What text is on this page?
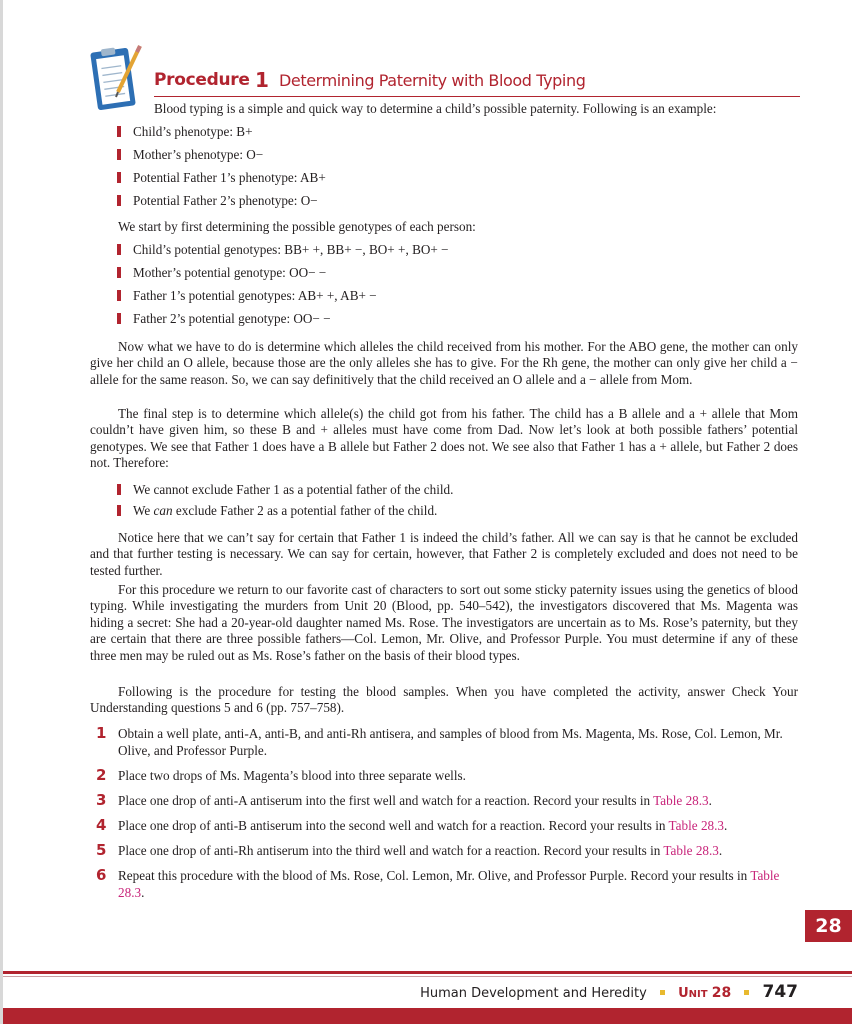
Procedure 1 Determining Paternity with Blood Typing
Blood typing is a simple and quick way to determine a child’s possible paternity. Following is an example:
Child’s phenotype: B+
Mother’s phenotype: O−
Potential Father 1’s phenotype: AB+
Potential Father 2’s phenotype: O−
We start by first determining the possible genotypes of each person:
Child’s potential genotypes: BB+ +, BB+ −, BO+ +, BO+ −
Mother’s potential genotype: OO− −
Father 1’s potential genotypes: AB+ +, AB+ −
Father 2’s potential genotype: OO− −
Now what we have to do is determine which alleles the child received from his mother. For the ABO gene, the mother can only give her child an O allele, because those are the only alleles she has to give. For the Rh gene, the mother can only give her child a − allele for the same reason. So, we can say definitively that the child received an O allele and a − allele from Mom.
The final step is to determine which allele(s) the child got from his father. The child has a B allele and a + allele that Mom couldn’t have given him, so these B and + alleles must have come from Dad. Now let’s look at both possible fathers’ potential genotypes. We see that Father 1 does have a B allele but Father 2 does not. We see also that Father 1 has a + allele, but Father 2 does not. Therefore:
We cannot exclude Father 1 as a potential father of the child.
We can exclude Father 2 as a potential father of the child.
Notice here that we can’t say for certain that Father 1 is indeed the child’s father. All we can say is that he cannot be excluded and that further testing is necessary. We can say for certain, however, that Father 2 is completely excluded and does not need to be tested further.
For this procedure we return to our favorite cast of characters to sort out some sticky paternity issues using the genetics of blood typing. While investigating the murders from Unit 20 (Blood, pp. 540–542), the investigators discovered that Ms. Magenta was hiding a secret: She had a 20-year-old daughter named Ms. Rose. The investigators are uncertain as to Ms. Rose’s paternity, but they are certain that there are three possible fathers—Col. Lemon, Mr. Olive, and Professor Purple. You must determine if any of these three men may be ruled out as Ms. Rose’s father on the basis of their blood types.
Following is the procedure for testing the blood samples. When you have completed the activity, answer Check Your Understanding questions 5 and 6 (pp. 757–758).
1 Obtain a well plate, anti-A, anti-B, and anti-Rh antisera, and samples of blood from Ms. Magenta, Ms. Rose, Col. Lemon, Mr. Olive, and Professor Purple.
2 Place two drops of Ms. Magenta’s blood into three separate wells.
3 Place one drop of anti-A antiserum into the first well and watch for a reaction. Record your results in Table 28.3.
4 Place one drop of anti-B antiserum into the second well and watch for a reaction. Record your results in Table 28.3.
5 Place one drop of anti-Rh antiserum into the third well and watch for a reaction. Record your results in Table 28.3.
6 Repeat this procedure with the blood of Ms. Rose, Col. Lemon, Mr. Olive, and Professor Purple. Record your results in Table 28.3.
28
Human Development and Heredity UNIT 28 747
